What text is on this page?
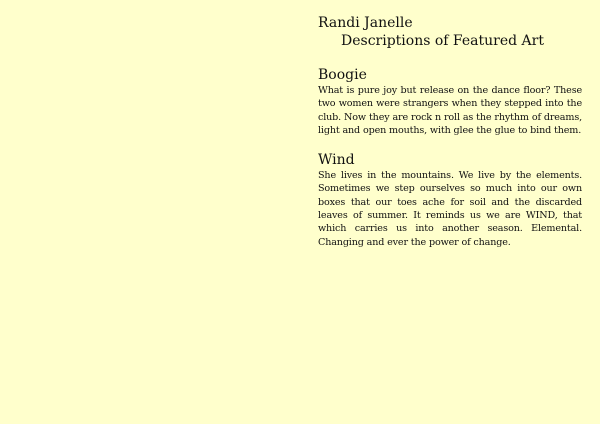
Randi Janelle

Descriptions of Featured Art

Boogie

What is pure joy but release on the dance floor? These two women were strangers when they stepped into the club. Now they are rock n roll as the rhythm of dreams, light and open mouths, with glee the glue to bind them.

Wind

She lives in the mountains. We live by the elements. Sometimes we step ourselves so much into our own boxes that our toes ache for soil and the discarded leaves of summer. It reminds us we are WIND, that which carries us into another season. Elemental. Changing and ever the power of change.
